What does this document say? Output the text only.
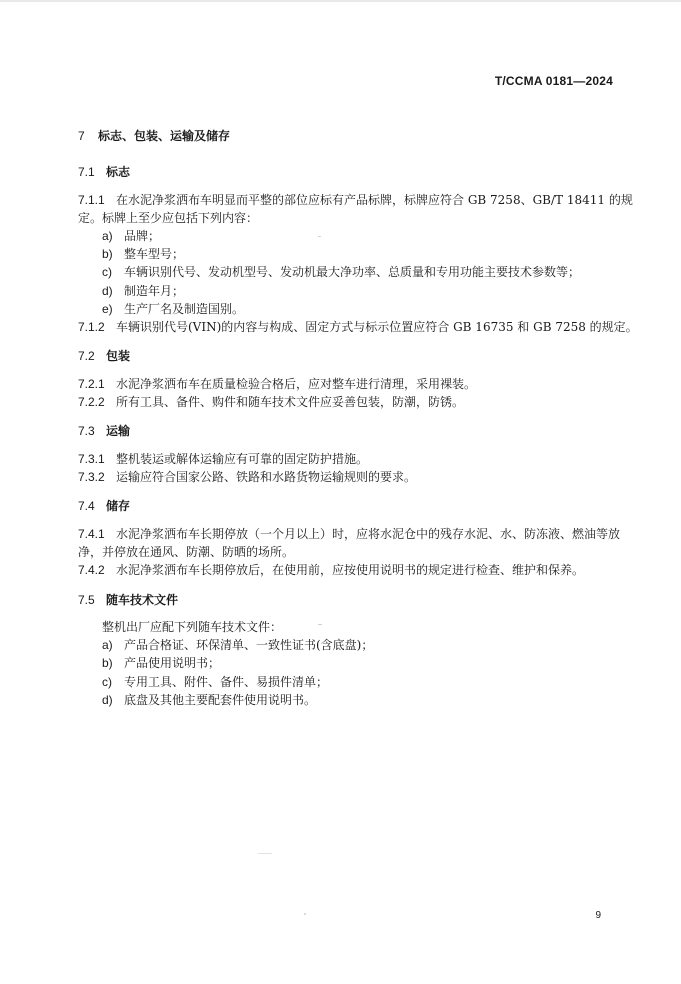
T/CCMA 0181—2024
7 标志、包装、运输及储存
7.1 标志
7.1.1 在水泥净浆洒布车明显而平整的部位应标有产品标牌，标牌应符合 GB 7258、GB/T 18411 的规
定。标牌上至少应包括下列内容：
a) 品牌；
b) 整车型号；
c) 车辆识别代号、发动机型号、发动机最大净功率、总质量和专用功能主要技术参数等；
d) 制造年月；
e) 生产厂名及制造国别。
7.1.2 车辆识别代号(VIN)的内容与构成、固定方式与标示位置应符合 GB 16735 和 GB 7258 的规定。
7.2 包装
7.2.1 水泥净浆洒布车在质量检验合格后，应对整车进行清理，采用裸装。
7.2.2 所有工具、备件、购件和随车技术文件应妥善包装，防潮，防锈。
7.3 运输
7.3.1 整机装运或解体运输应有可靠的固定防护措施。
7.3.2 运输应符合国家公路、铁路和水路货物运输规则的要求。
7.4 储存
7.4.1 水泥净浆洒布车长期停放（一个月以上）时，应将水泥仓中的残存水泥、水、防冻液、燃油等放
净，并停放在通风、防潮、防晒的场所。
7.4.2 水泥净浆洒布车长期停放后，在使用前，应按使用说明书的规定进行检查、维护和保养。
7.5 随车技术文件
整机出厂应配下列随车技术文件：
a) 产品合格证、环保清单、一致性证书(含底盘)；
b) 产品使用说明书；
c) 专用工具、附件、备件、易损件清单；
d) 底盘及其他主要配套件使用说明书。
9
